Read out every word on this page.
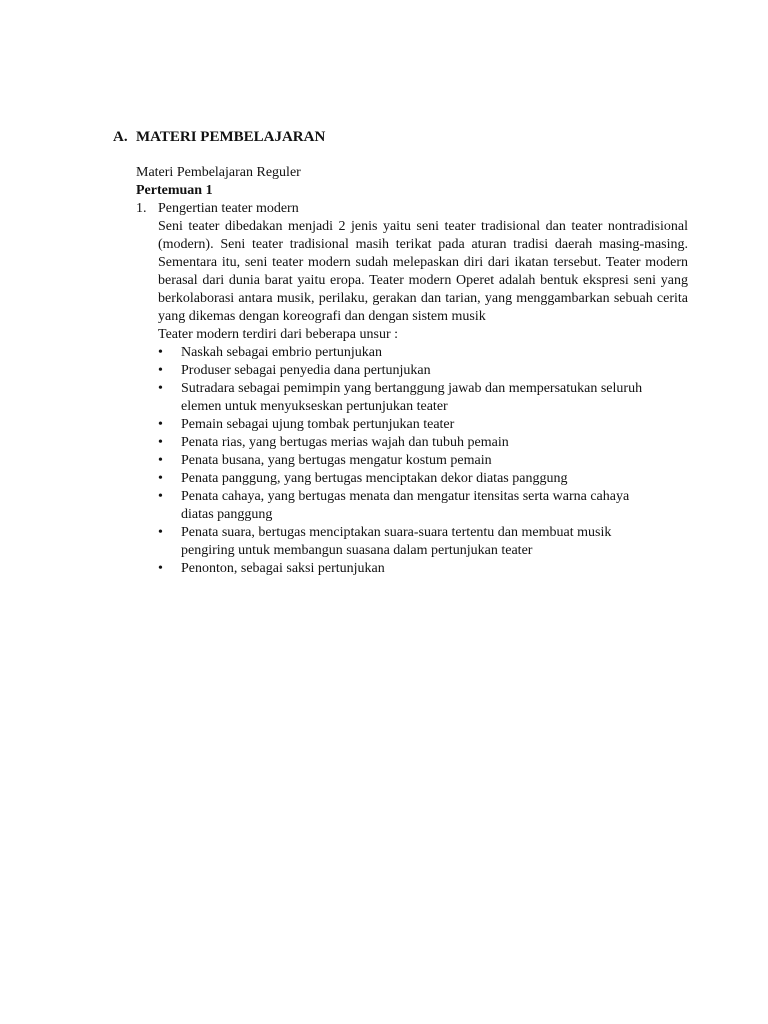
A. MATERI PEMBELAJARAN
Materi Pembelajaran Reguler
Pertemuan 1
1. Pengertian teater modern
Seni teater dibedakan menjadi 2 jenis yaitu seni teater tradisional dan teater nontradisional (modern). Seni teater tradisional masih terikat pada aturan tradisi daerah masing-masing. Sementara itu, seni teater modern sudah melepaskan diri dari ikatan tersebut. Teater modern berasal dari dunia barat yaitu eropa. Teater modern Operet adalah bentuk ekspresi seni yang berkolaborasi antara musik, perilaku, gerakan dan tarian, yang menggambarkan sebuah cerita yang dikemas dengan koreografi dan dengan sistem musik
Teater modern terdiri dari beberapa unsur :
• Naskah sebagai embrio pertunjukan
• Produser sebagai penyedia dana pertunjukan
• Sutradara sebagai pemimpin yang bertanggung jawab dan mempersatukan seluruh elemen untuk menyukseskan pertunjukan teater
• Pemain sebagai ujung tombak pertunjukan teater
• Penata rias, yang bertugas merias wajah dan tubuh pemain
• Penata busana, yang bertugas mengatur kostum pemain
• Penata panggung, yang bertugas menciptakan dekor diatas panggung
• Penata cahaya, yang bertugas menata dan mengatur itensitas serta warna cahaya diatas panggung
• Penata suara, bertugas menciptakan suara-suara tertentu dan membuat musik pengiring untuk membangun suasana dalam pertunjukan teater
• Penonton, sebagai saksi pertunjukan
